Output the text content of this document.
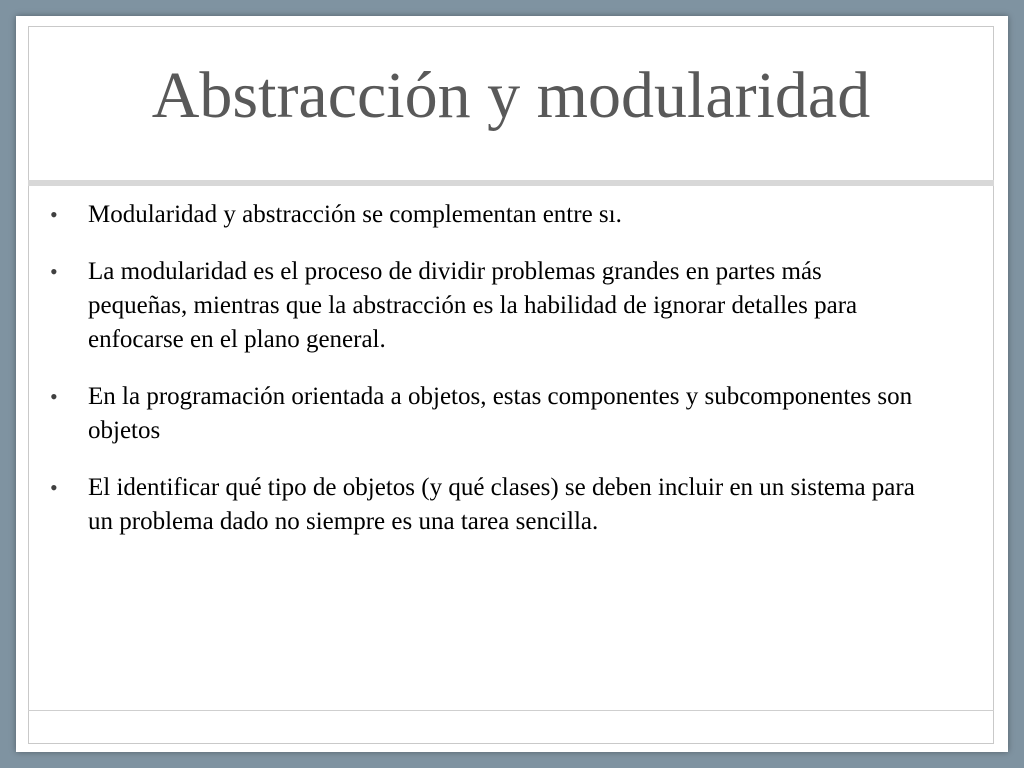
Abstracción y modularidad
• Modularidad y abstracción se complementan entre sı.
• La modularidad es el proceso de dividir problemas grandes en partes más pequeñas, mientras que la abstracción es la habilidad de ignorar detalles para enfocarse en el plano general.
• En la programación orientada a objetos, estas componentes y subcomponentes son objetos
• El identificar qué tipo de objetos (y qué clases) se deben incluir en un sistema para un problema dado no siempre es una tarea sencilla.
